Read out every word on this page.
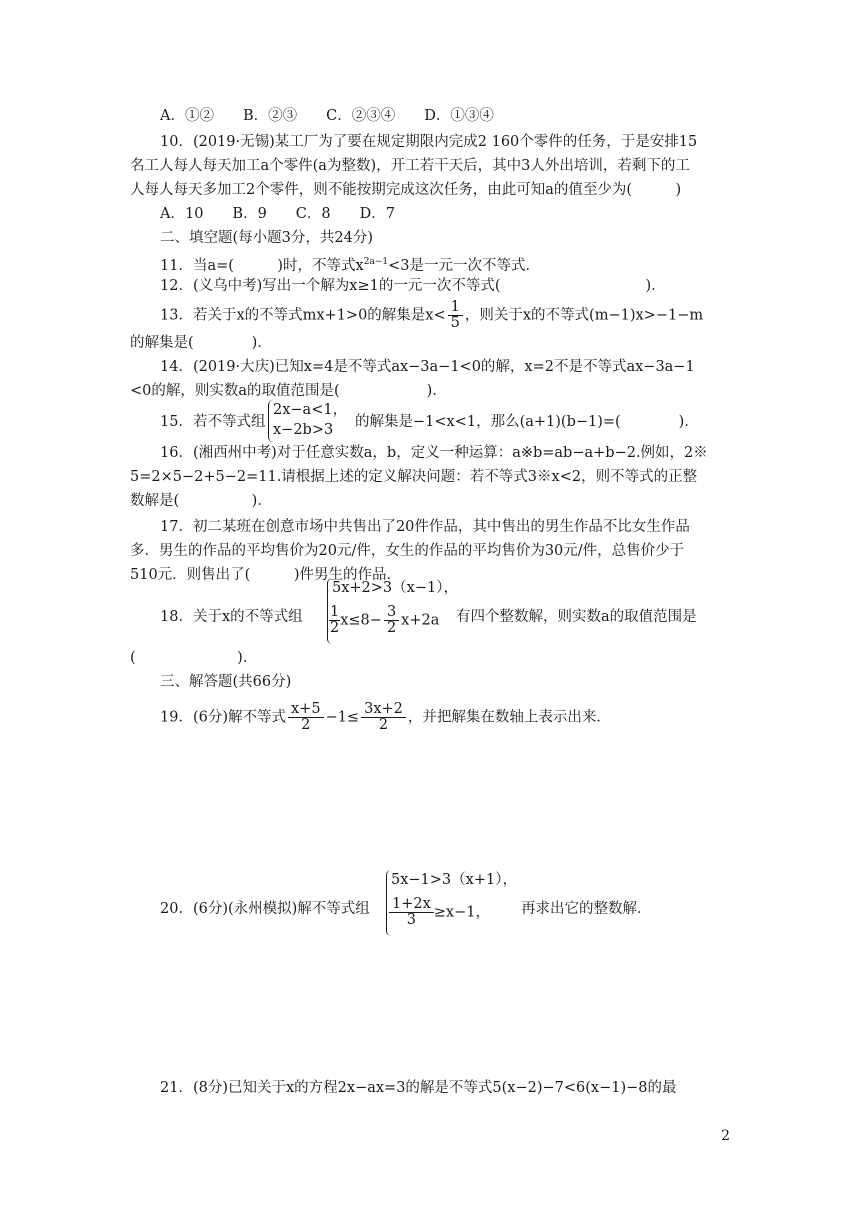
A．①②　　B．②③　　C．②③④　　D．①③④
10．(2019·无锡)某工厂为了要在规定期限内完成2 160个零件的任务，于是安排15
名工人每人每天加工a个零件(a为整数)，开工若干天后，其中3人外出培训，若剩下的工
人每人每天多加工2个零件，则不能按期完成这次任务，由此可知a的值至少为(　　　)
A．10　　B．9　　C．8　　D．7
二、填空题(每小题3分，共24分)
11．当a=(　　　)时，不等式$x^{2a-1}<3$是一元一次不等式．
12．(义乌中考)写出一个解为x≥1的一元一次不等式(　　　　　　　　　　)．
13．若关于x的不等式mx+1>0的解集是$x< \frac{1}{5}$ ，则关于x的不等式(m−1)x>−1−m
的解集是(　　　　)．
14．(2019·大庆)已知x=4是不等式ax−3a−1<0的解，x=2不是不等式ax−3a−1
<0的解，则实数a的取值范围是(　　　　　　)．
15．若不等式组
2x−a<1，
x−2b>3	的解集是−1<x<1，那么(a+1)(b−1)=(　　　　)．
16．(湘西州中考)对于任意实数a，b，定义一种运算：a※b=ab−a+b−2.例如，2※
5=2×5−2+5−2=11.请根据上述的定义解决问题：若不等式3※x<2，则不等式的正整
数解是(　　　　　)．
17．初二某班在创意市场中共售出了20件作品，其中售出的男生作品不比女生作品
多．男生的作品的平均售价为20元/件，女生的作品的平均售价为30元/件，总售价少于
510元．则售出了(　　　)件男生的作品．
5x+2>3（x−1），
$\frac{1}{2} x\le 8- \frac{3}{2} x+2a$
18．关于x的不等式组	有四个整数解，则实数a的取值范围是
(　　　　　　　)．
三、解答题(共66分)
19．(6分)解不等式 $\frac{x+5}{2} -1\le \frac{3x+2}{2}$ ，并把解集在数轴上表示出来．
5x−1>3（x+1），
$\frac{1+2x}{3} \ge x-1$，
20．(6分)(永州模拟)解不等式组	再求出它的整数解．
21．(8分)已知关于x的方程2x−ax=3的解是不等式5(x−2)−7<6(x−1)−8的最
2
